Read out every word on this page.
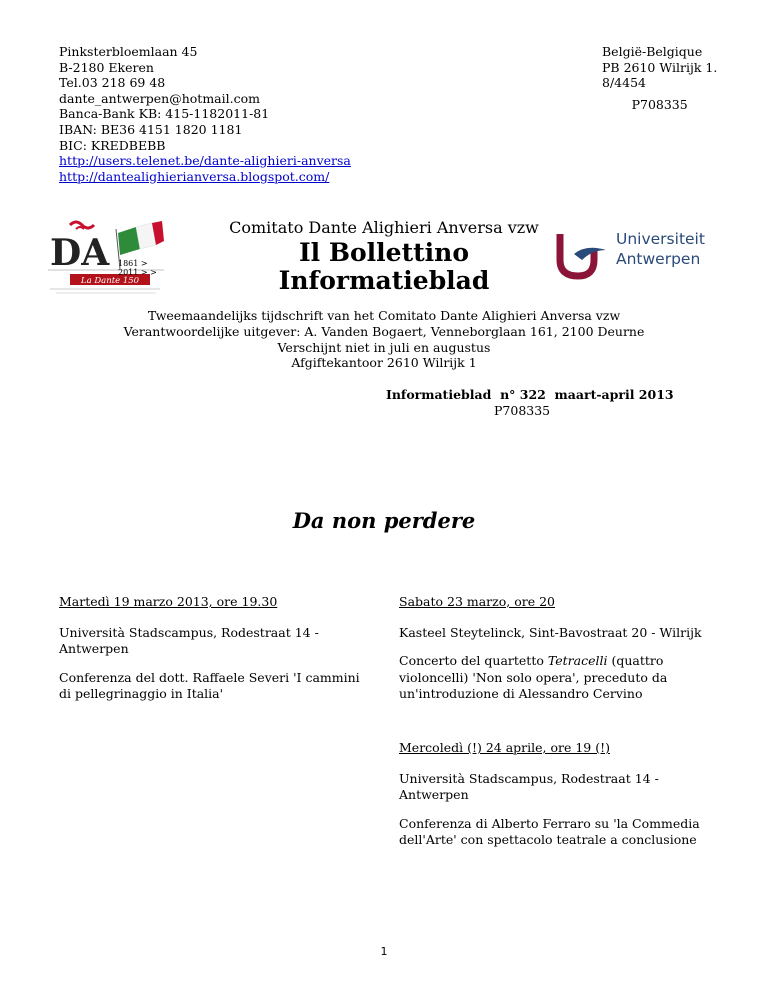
Pinksterbloemlaan 45
B-2180 Ekeren
Tel.03 218 69 48
dante_antwerpen@hotmail.com
Banca-Bank KB: 415-1182011-81
IBAN: BE36 4151 1820 1181
BIC: KREDBEBB
http://users.telenet.be/dante-alighieri-anversa
http://dantealighierianversa.blogspot.com/
België-Belgique
PB 2610 Wilrijk 1.
8/4454
P708335
DA
La Dante 150
1861 > 2011 > >
Comitato Dante Alighieri Anversa vzw
Il Bollettino
Informatieblad
Universiteit
Antwerpen
Tweemaandelijks tijdschrift van het Comitato Dante Alighieri Anversa vzw
Verantwoordelijke uitgever: A. Vanden Bogaert, Venneborglaan 161, 2100 Deurne
Verschijnt niet in juli en augustus
Afgiftekantoor 2610 Wilrijk 1
Informatieblad  n° 322  maart-april 2013
P708335
Da non perdere
Martedì 19 marzo 2013, ore 19.30

Università Stadscampus, Rodestraat 14 - Antwerpen

Conferenza del dott. Raffaele Severi 'I cammini di pellegrinaggio in Italia'

Sabato 23 marzo, ore 20

Kasteel Steytelinck, Sint-Bavostraat 20 - Wilrijk

Concerto del quartetto Tetracelli (quattro violoncelli) 'Non solo opera', preceduto da un'introduzione di Alessandro Cervino

Mercoledì (!) 24 aprile, ore 19 (!)

Università Stadscampus, Rodestraat 14 - Antwerpen

Conferenza di Alberto Ferraro su 'la Commedia dell'Arte' con spettacolo teatrale a conclusione

1
